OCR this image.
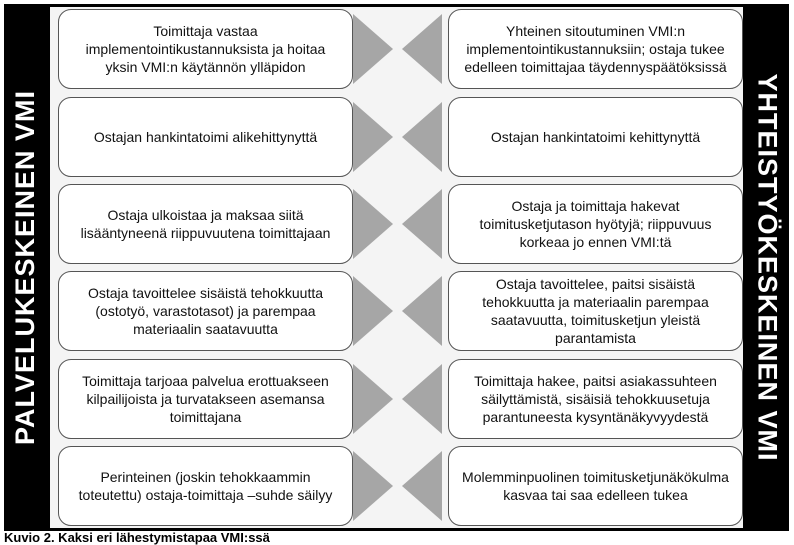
PALVELUKESKEINEN VMI	YHTEISTYÖKESKEINEN VMI
Toimittaja vastaa implementointikustannuksista ja hoitaa yksin VMI:n käytännön ylläpidon
Yhteinen sitoutuminen VMI:n implementointikustannuksiin; ostaja tukee edelleen toimittajaa täydennyspäätöksissä
Ostajan hankintatoimi alikehittynyttä	Ostajan hankintatoimi kehittynyttä
Ostaja ulkoistaa ja maksaa siitä lisääntyneenä riippuvuutena toimittajaan
Ostaja ja toimittaja hakevat toimitusketjutason hyötyjä; riippuvuus korkeaa jo ennen VMI:tä
Ostaja tavoittelee sisäistä tehokkuutta (ostotyö, varastotasot) ja parempaa materiaalin saatavuutta
Ostaja tavoittelee, paitsi sisäistä tehokkuutta ja materiaalin parempaa saatavuutta, toimitusketjun yleistä parantamista
Toimittaja tarjoaa palvelua erottuakseen kilpailijoista ja turvatakseen asemansa toimittajana
Toimittaja hakee, paitsi asiakassuhteen säilyttämistä, sisäisiä tehokkuusetuja parantuneesta kysyntänäkyvyydestä
Perinteinen (joskin tehokkaammin toteutettu) ostaja-toimittaja –suhde säilyy
Molemminpuolinen toimitusketjunäkökulma kasvaa tai saa edelleen tukea
Kuvio 2. Kaksi eri lähestymistapaa VMI:ssä
